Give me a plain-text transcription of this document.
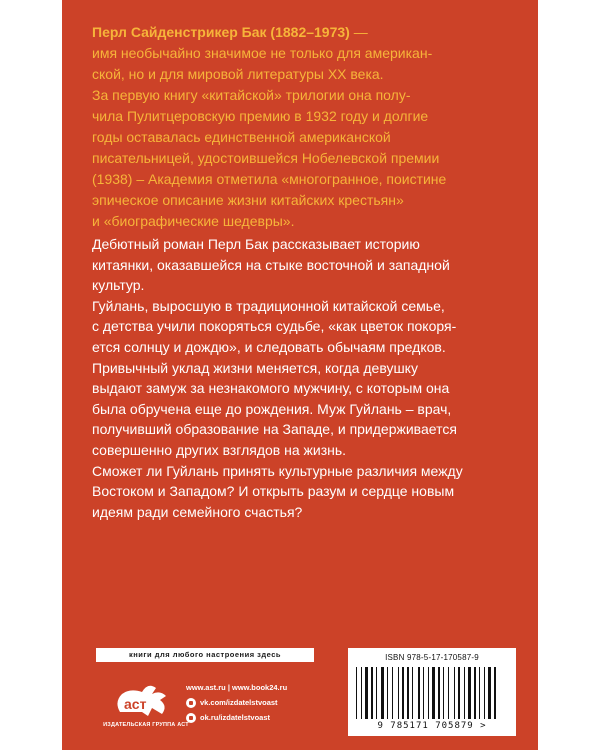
Перл Сайденстрикер Бак (1882–1973) —
имя необычайно значимое не только для американ-
ской, но и для мировой литературы XX века.
За первую книгу «китайской» трилогии она полу-
чила Пулитцеровскую премию в 1932 году и долгие
годы оставалась единственной американской
писательницей, удостоившейся Нобелевской премии
(1938) – Академия отметила «многогранное, поистине
эпическое описание жизни китайских крестьян»
и «биографические шедевры».
Дебютный роман Перл Бак рассказывает историю
китаянки, оказавшейся на стыке восточной и западной
культур.
Гуйлань, выросшую в традиционной китайской семье,
с детства учили покоряться судьбе, «как цветок покоря-
ется солнцу и дождю», и следовать обычаям предков.
Привычный уклад жизни меняется, когда девушку
выдают замуж за незнакомого мужчину, с которым она
была обручена еще до рождения. Муж Гуйлань – врач,
получивший образование на Западе, и придерживается
совершенно других взглядов на жизнь.
Сможет ли Гуйлань принять культурные различия между
Востоком и Западом? И открыть разум и сердце новым
идеям ради семейного счастья?
книги для любого настроения здесь
аст
ИЗДАТЕЛЬСКАЯ ГРУППА АСТ
www.ast.ru | www.book24.ru
vk.com/izdatelstvoast
ok.ru/izdatelstvoast
ISBN 978-5-17-170587-9
9 785171 705879 >
